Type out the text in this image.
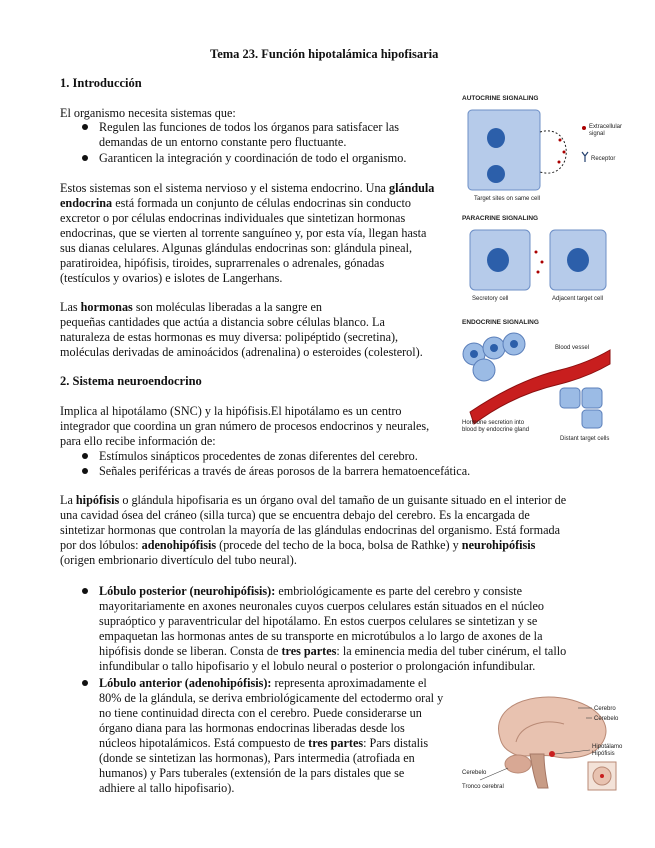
Tema 23. Función hipotalámica hipofisaria
1. Introducción
El organismo necesita sistemas que:
Regulen las funciones de todos los órganos para satisfacer las
demandas de un entorno constante pero fluctuante.
Garanticen la integración y coordinación de todo el organismo.
Estos sistemas son el sistema nervioso y el sistema endocrino. Una glándula
endocrina está formada un conjunto de células endocrinas sin conducto
excretor o por células endocrinas individuales que sintetizan hormonas
endocrinas, que se vierten al torrente sanguíneo y, por esta vía, llegan hasta
sus dianas celulares. Algunas glándulas endocrinas son: glándula pineal,
paratiroidea, hipófisis, tiroides, suprarrenales o adrenales, gónadas
(testículos y ovarios) e islotes de Langerhans.
Las hormonas son moléculas liberadas a la sangre en
pequeñas cantidades que actúa a distancia sobre células blanco. La
naturaleza de estas hormonas es muy diversa: polipéptido (secretina),
moléculas derivadas de aminoácidos (adrenalina) o esteroides (colesterol).
2. Sistema neuroendocrino
Implica al hipotálamo (SNC) y la hipófisis.El hipotálamo es un centro
integrador que coordina un gran número de procesos endocrinos y neurales,
para ello recibe información de:
Estímulos sinápticos procedentes de zonas diferentes del cerebro.
Señales periféricas a través de áreas porosos de la barrera hematoencefática.
La hipófisis o glándula hipofisaria es un órgano oval del tamaño de un guisante situado en el interior de
una cavidad ósea del cráneo (silla turca) que se encuentra debajo del cerebro. Es la encargada de
sintetizar hormonas que controlan la mayoría de las glándulas endocrinas del organismo. Está formada
por dos lóbulos: adenohipófisis (procede del techo de la boca, bolsa de Rathke) y neurohipófisis
(origen embrionario divertículo del tubo neural).
Lóbulo posterior (neurohipófisis): embriológicamente es parte del cerebro y consiste
mayoritariamente en axones neuronales cuyos cuerpos celulares están situados en el núcleo
supraóptico y paraventricular del hipotálamo. En estos cuerpos celulares se sintetizan y se
empaquetan las hormonas antes de su transporte en microtúbulos a lo largo de axones de la
hipófisis donde se liberan. Consta de tres partes: la eminencia media del tuber cinérum, el tallo
infundibular o tallo hipofisario y el lobulo neural o posterior o prolongación infundibular.
Lóbulo anterior (adenohipófisis): representa aproximadamente el
80% de la glándula, se deriva embriológicamente del ectodermo oral y
no tiene continuidad directa con el cerebro. Puede considerarse un
órgano diana para las hormonas endocrinas liberadas desde los
núcleos hipotalámicos. Está compuesto de tres partes: Pars distalis
(donde se sintetizan las hormonas), Pars intermedia (atrofiada en
humanos) y Pars tuberales (extensión de la pars distales que se
adhiere al tallo hipofisario).
AUTOCRINE SIGNALING
Extracellular
signal
Receptor
Target sites on same cell
PARACRINE SIGNALING
Secretory cell	Adjacent target cell
ENDOCRINE SIGNALING
Blood vessel
Hormone secretion into
blood by endocrine gland
Distant target cells
Cerebro
Cerebelo
Hipotálamo
Hipófisis
Cerebelo
Tronco cerebral
